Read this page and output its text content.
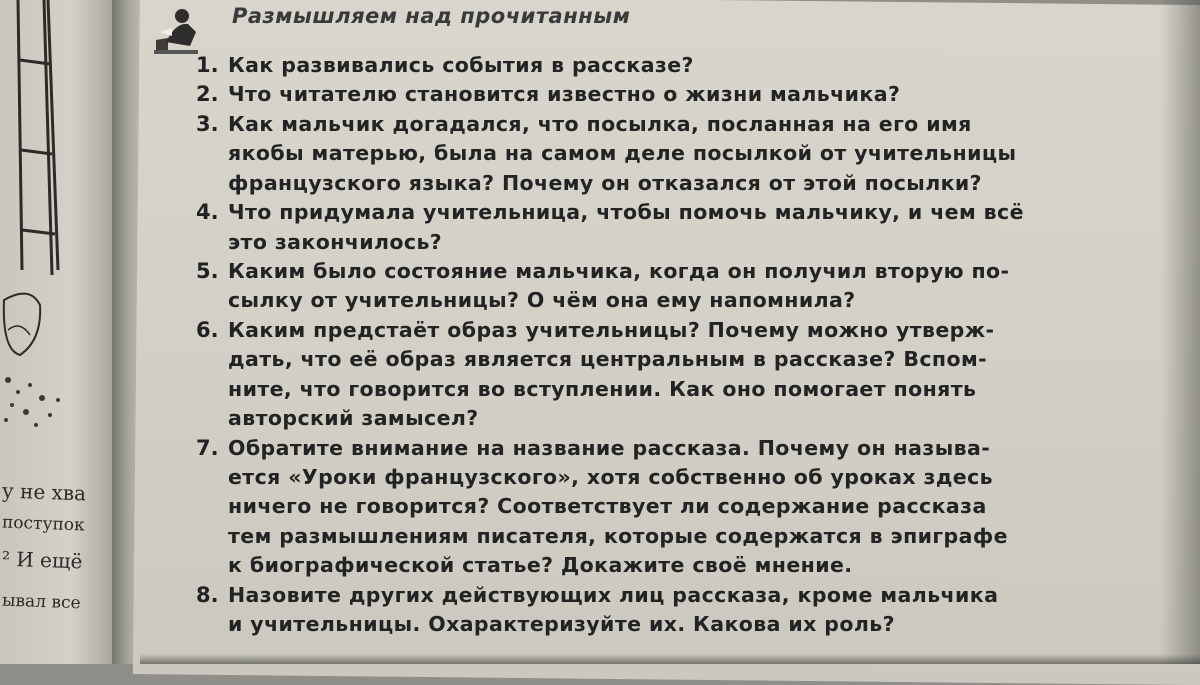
у не хва
поступок
² И ещё
ывал все
Размышляем над прочитанным
1. Как развивались события в рассказе?
2. Что читателю становится известно о жизни мальчика?
3. Как мальчик догадался, что посылка, посланная на его имя
якобы матерью, была на самом деле посылкой от учительницы
французского языка? Почему он отказался от этой посылки?
4. Что придумала учительница, чтобы помочь мальчику, и чем всё
это закончилось?
5. Каким было состояние мальчика, когда он получил вторую по-
сылку от учительницы? О чём она ему напомнила?
6. Каким предстаёт образ учительницы? Почему можно утверж-
дать, что её образ является центральным в рассказе? Вспом-
ните, что говорится во вступлении. Как оно помогает понять
авторский замысел?
7. Обратите внимание на название рассказа. Почему он называ-
ется «Уроки французского», хотя собственно об уроках здесь
ничего не говорится? Соответствует ли содержание рассказа
тем размышлениям писателя, которые содержатся в эпиграфе
к биографической статье? Докажите своё мнение.
8. Назовите других действующих лиц рассказа, кроме мальчика
и учительницы. Охарактеризуйте их. Какова их роль?
